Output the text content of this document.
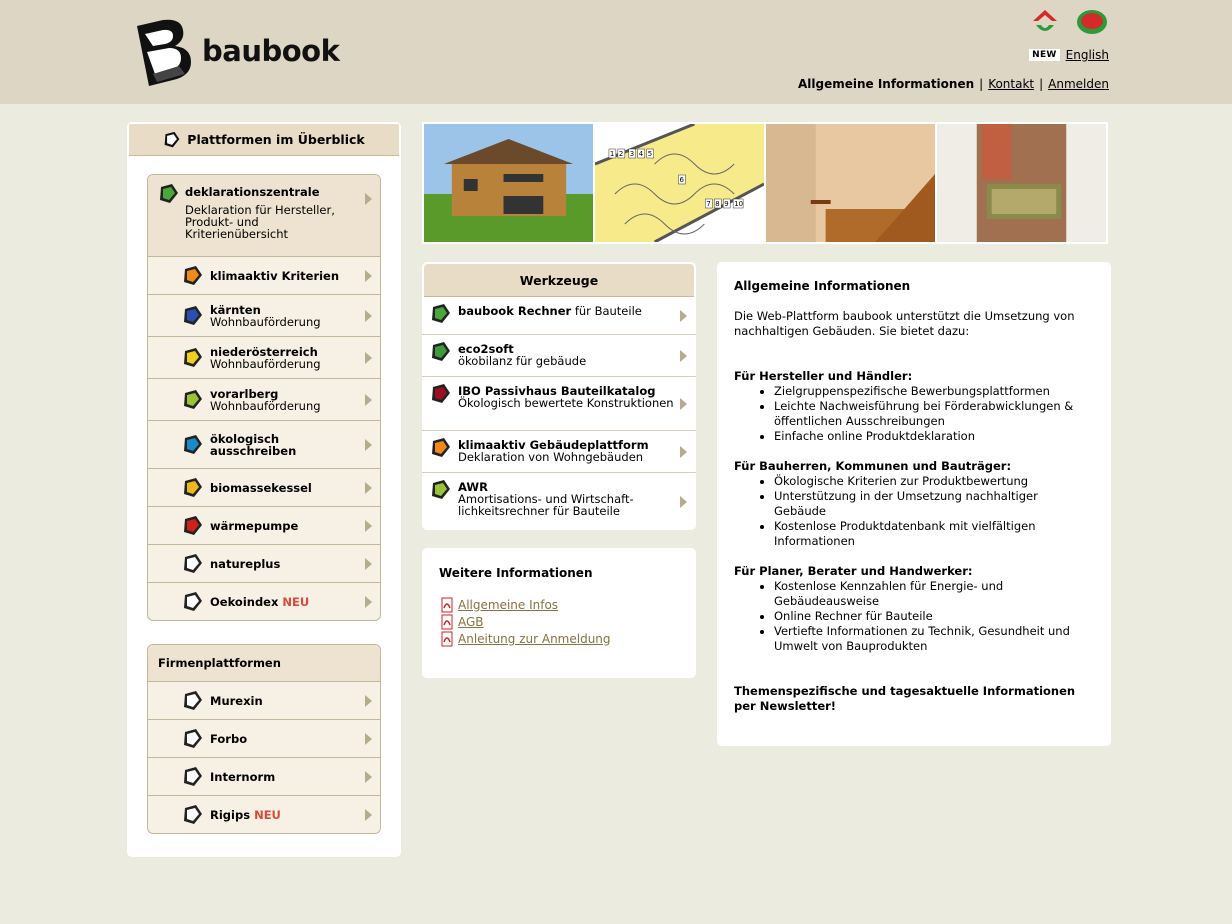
baubook	NEW English
Allgemeine Informationen | Kontakt | Anmelden
Plattformen im Überblick
deklarationszentrale
Deklaration für Hersteller, Produkt- und Kriterienübersicht
klimaaktiv Kriterien
kärnten
Wohnbauförderung
niederösterreich
Wohnbauförderung
vorarlberg
Wohnbauförderung
ökologisch
ausschreiben
biomassekessel
wärmepumpe
natureplus
Oekoindex NEU
Firmenplattformen
Murexin
Forbo
Internorm
Rigips NEU
1 2 3 4 5
6
7 8 9 10
Werkzeuge
baubook Rechner für Bauteile
eco2soft
ökobilanz für gebäude
IBO Passivhaus Bauteilkatalog
Ökologisch bewertete Konstruktionen
klimaaktiv Gebäudeplattform
Deklaration von Wohngebäuden
AWR
Amortisations- und Wirtschaft-lichkeitsrechner für Bauteile
Weitere Informationen
Allgemeine Infos
AGB
Anleitung zur Anmeldung
Allgemeine Informationen

Die Web-Plattform baubook unterstützt die Umsetzung von nachhaltigen Gebäuden. Sie bietet dazu:

Für Hersteller und Händler:

• Zielgruppenspezifische Bewerbungsplattformen
• Leichte Nachweisführung bei Förderabwicklungen & öffentlichen Ausschreibungen
• Einfache online Produktdeklaration

Für Bauherren, Kommunen und Bauträger:

• Ökologische Kriterien zur Produktbewertung
• Unterstützung in der Umsetzung nachhaltiger Gebäude
• Kostenlose Produktdatenbank mit vielfältigen Informationen

Für Planer, Berater und Handwerker:

• Kostenlose Kennzahlen für Energie- und Gebäudeausweise
• Online Rechner für Bauteile
• Vertiefte Informationen zu Technik, Gesundheit und Umwelt von Bauprodukten

Themenspezifische und tagesaktuelle Informationen per Newsletter!
